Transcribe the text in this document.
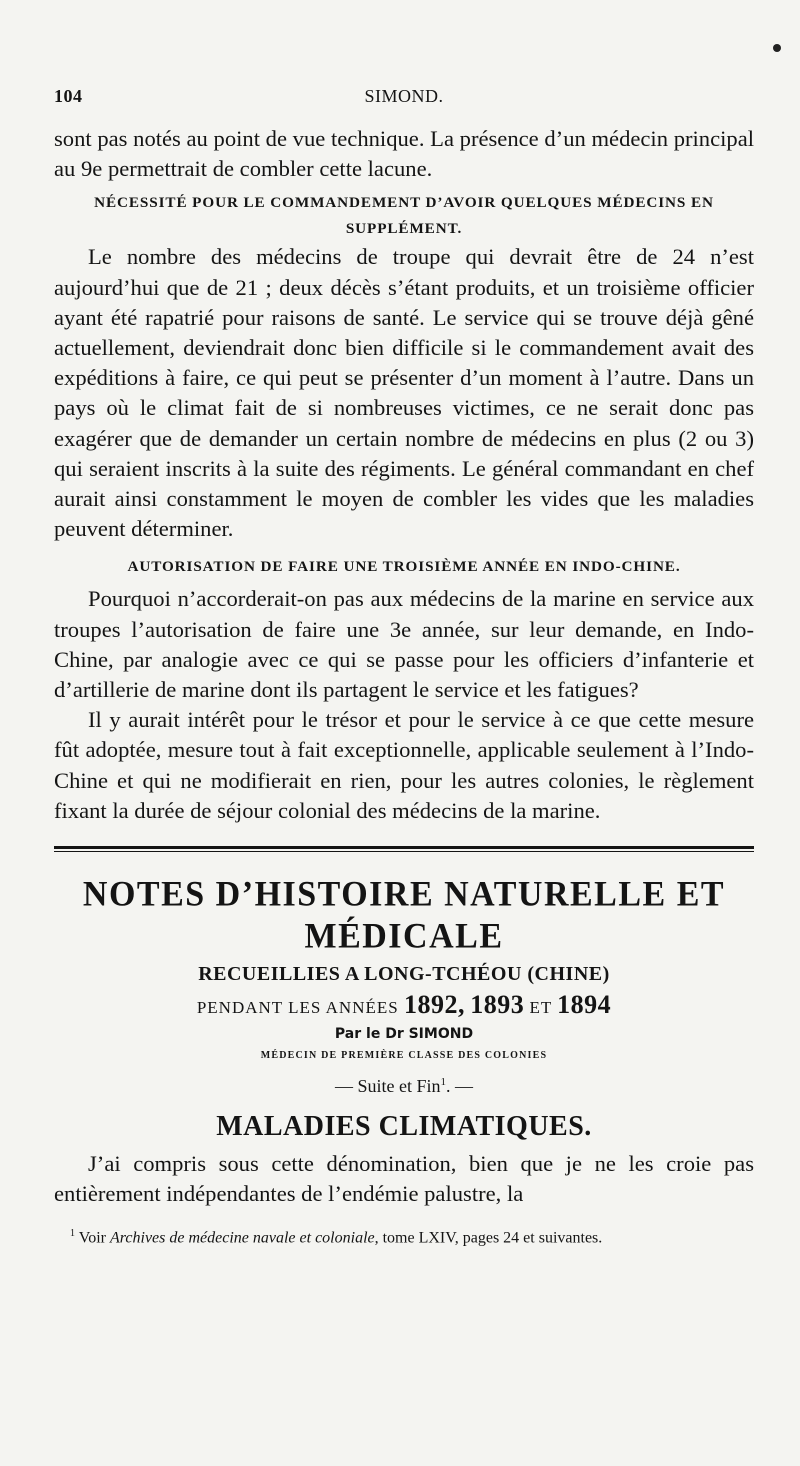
104	SIMOND.

sont pas notés au point de vue technique. La présence d’un médecin principal au 9e permettrait de combler cette lacune.

NÉCESSITÉ POUR LE COMMANDEMENT D’AVOIR QUELQUES MÉDECINS EN SUPPLÉMENT.

Le nombre des médecins de troupe qui devrait être de 24 n’est aujourd’hui que de 21 ; deux décès s’étant produits, et un troisième officier ayant été rapatrié pour raisons de santé. Le service qui se trouve déjà gêné actuellement, deviendrait donc bien difficile si le commandement avait des expéditions à faire, ce qui peut se présenter d’un moment à l’autre. Dans un pays où le climat fait de si nombreuses victimes, ce ne serait donc pas exagérer que de demander un certain nombre de médecins en plus (2 ou 3) qui seraient inscrits à la suite des régiments. Le général commandant en chef aurait ainsi constamment le moyen de combler les vides que les maladies peuvent déterminer.

AUTORISATION DE FAIRE UNE TROISIÈME ANNÉE EN INDO-CHINE.

Pourquoi n’accorderait-on pas aux médecins de la marine en service aux troupes l’autorisation de faire une 3e année, sur leur demande, en Indo-Chine, par analogie avec ce qui se passe pour les officiers d’infanterie et d’artillerie de marine dont ils partagent le service et les fatigues?

Il y aurait intérêt pour le trésor et pour le service à ce que cette mesure fût adoptée, mesure tout à fait exceptionnelle, applicable seulement à l’Indo-Chine et qui ne modifierait en rien, pour les autres colonies, le règlement fixant la durée de séjour colonial des médecins de la marine.

NOTES D’HISTOIRE NATURELLE ET MÉDICALE

RECUEILLIES A LONG-TCHÉOU (CHINE)

PENDANT LES ANNÉES 1892, 1893 ET 1894

Par le Dr SIMOND

MÉDECIN DE PREMIÈRE CLASSE DES COLONIES

— Suite et Fin$^1$. —

MALADIES CLIMATIQUES.

J’ai compris sous cette dénomination, bien que je ne les croie pas entièrement indépendantes de l’endémie palustre, la

$^1$ Voir Archives de médecine navale et coloniale, tome LXIV, pages 24 et suivantes.
